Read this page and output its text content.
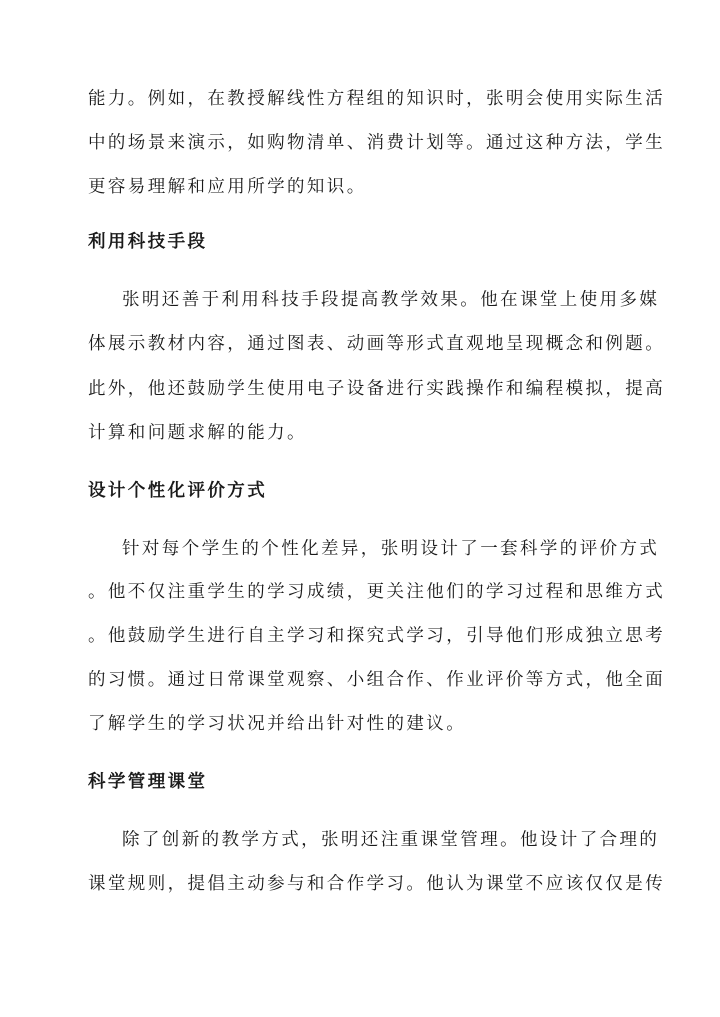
能力。例如，在教授解线性方程组的知识时，张明会使用实际生活
中的场景来演示，如购物清单、消费计划等。通过这种方法，学生
更容易理解和应用所学的知识。
利用科技手段
张明还善于利用科技手段提高教学效果。他在课堂上使用多媒
体展示教材内容，通过图表、动画等形式直观地呈现概念和例题。
此外，他还鼓励学生使用电子设备进行实践操作和编程模拟，提高
计算和问题求解的能力。
设计个性化评价方式
针对每个学生的个性化差异，张明设计了一套科学的评价方式
。他不仅注重学生的学习成绩，更关注他们的学习过程和思维方式
。他鼓励学生进行自主学习和探究式学习，引导他们形成独立思考
的习惯。通过日常课堂观察、小组合作、作业评价等方式，他全面
了解学生的学习状况并给出针对性的建议。
科学管理课堂
除了创新的教学方式，张明还注重课堂管理。他设计了合理的
课堂规则，提倡主动参与和合作学习。他认为课堂不应该仅仅是传
